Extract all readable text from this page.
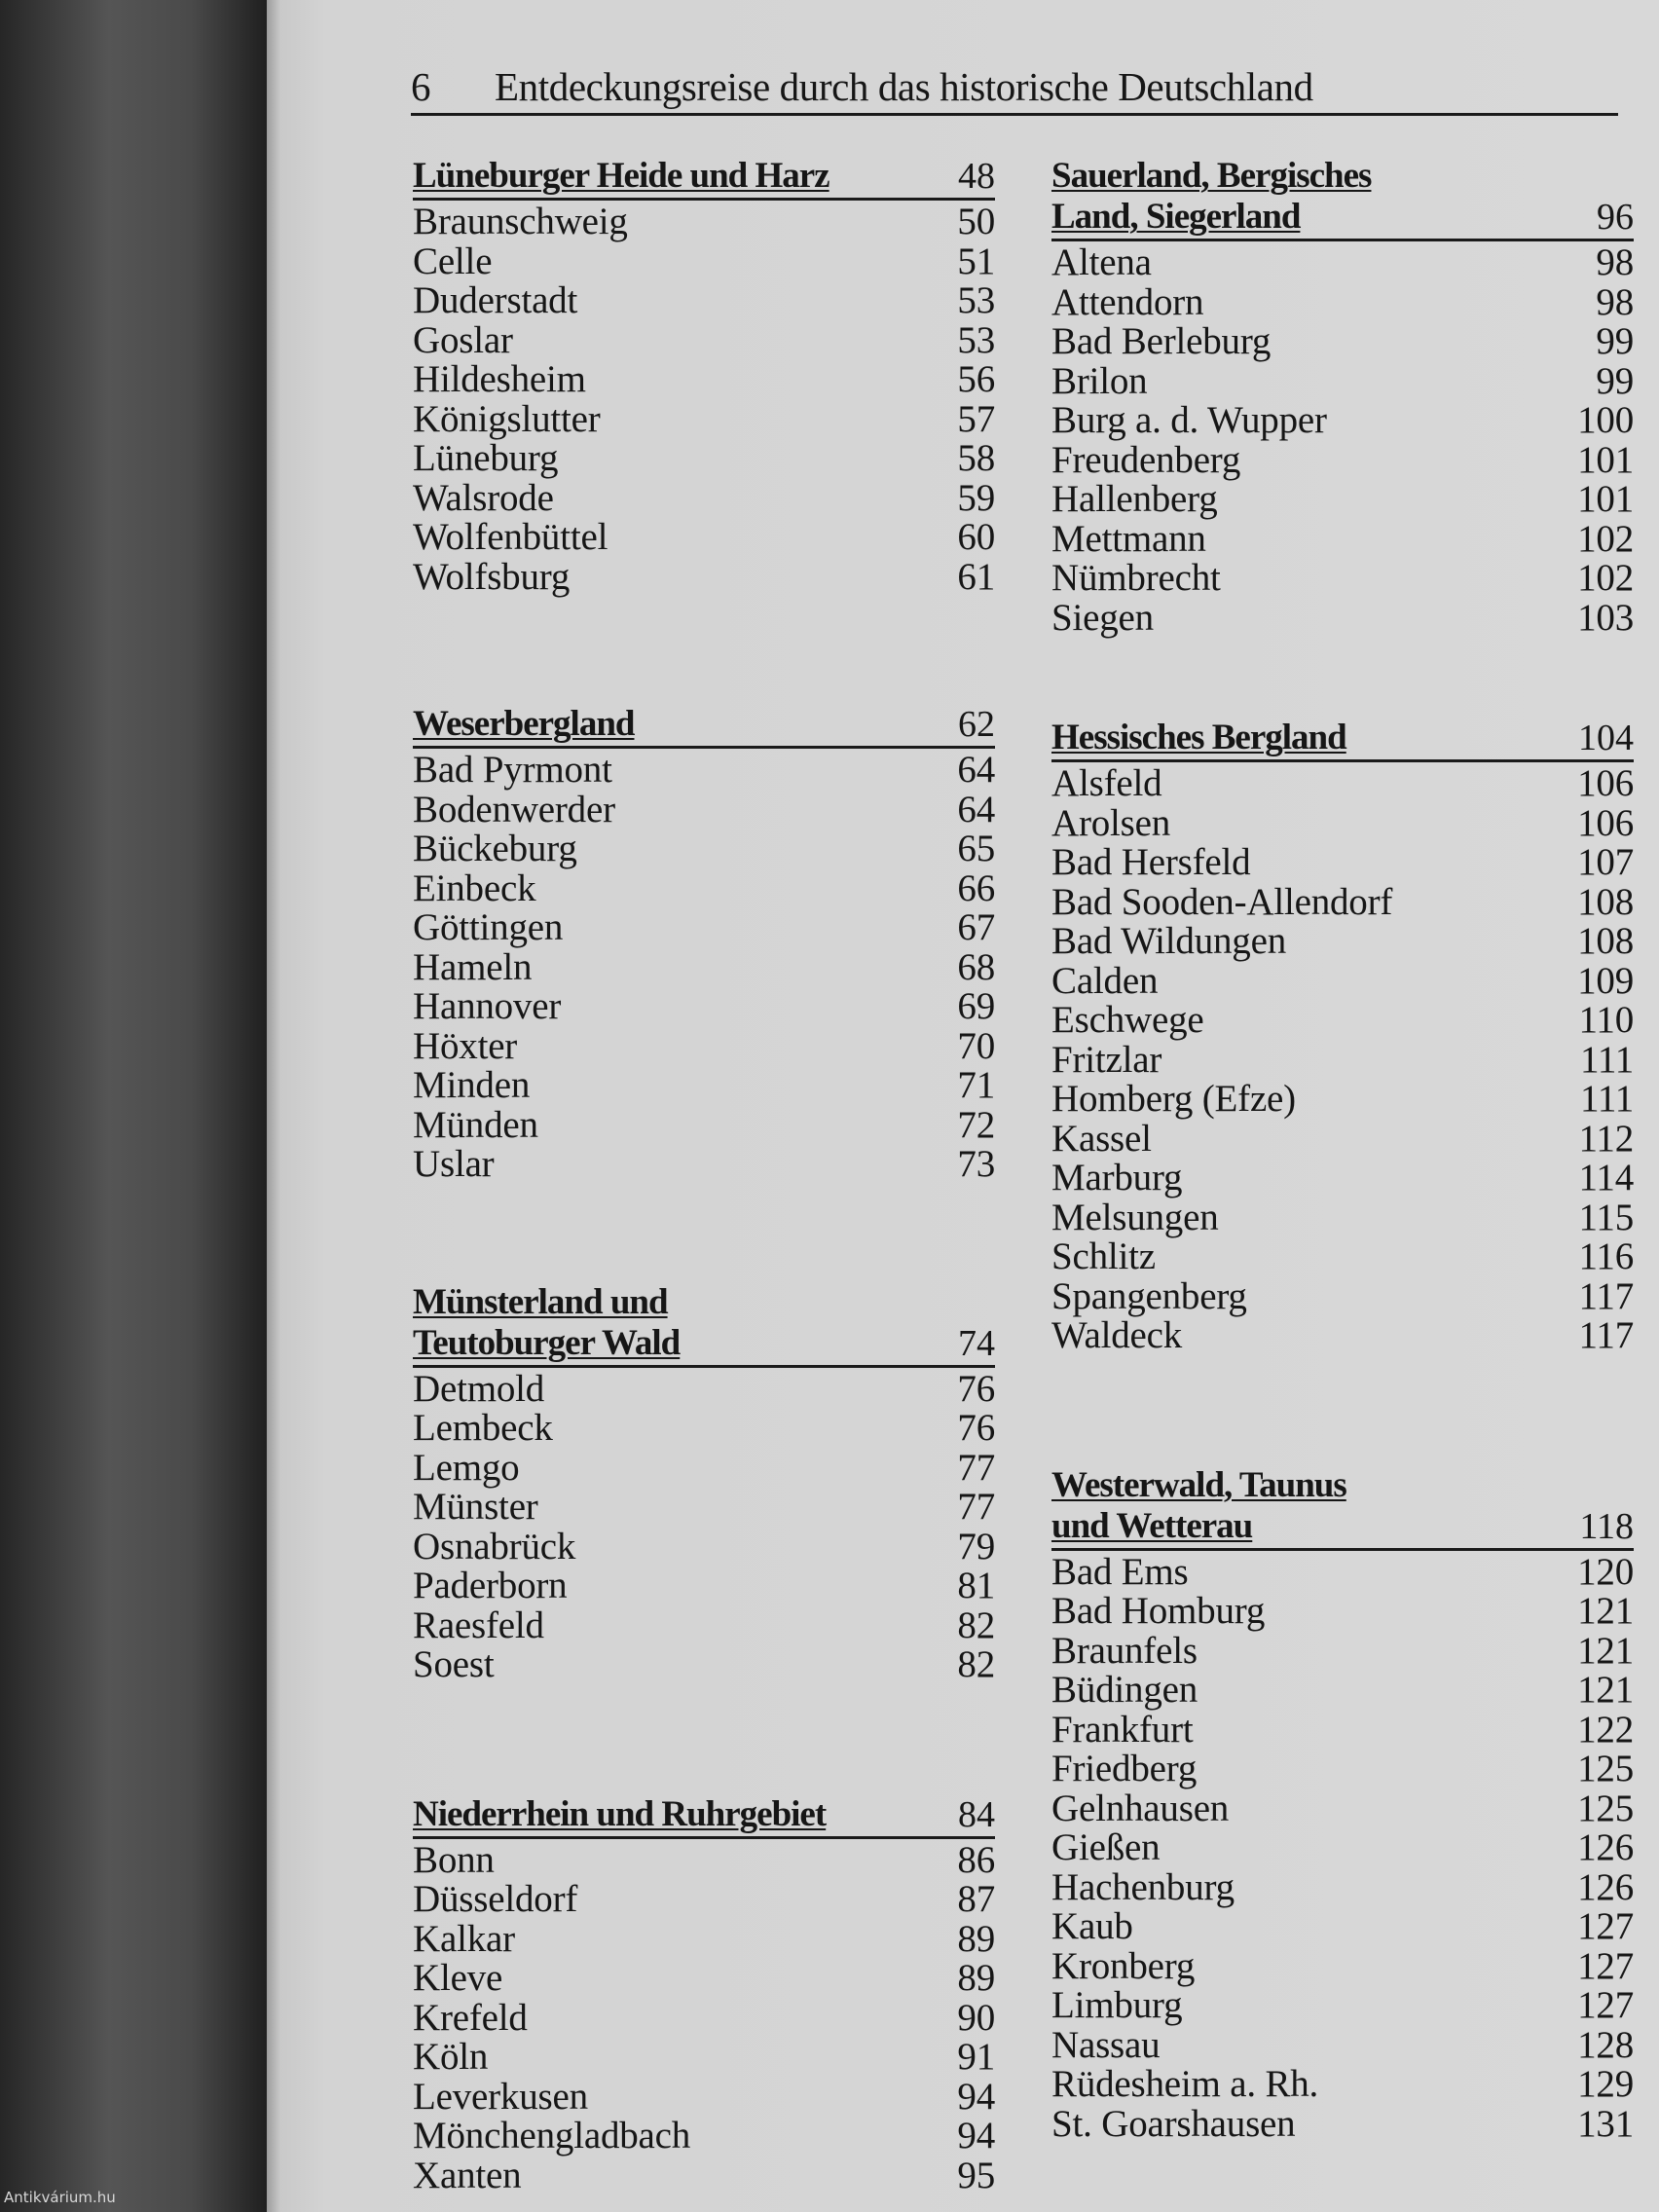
6 Entdeckungsreise durch das historische Deutschland
Lüneburger Heide und Harz	48
Braunschweig	50
Celle	51
Duderstadt	53
Goslar	53
Hildesheim	56
Königslutter	57
Lüneburg	58
Walsrode	59
Wolfenbüttel	60
Wolfsburg	61
Weserbergland	62
Bad Pyrmont	64
Bodenwerder	64
Bückeburg	65
Einbeck	66
Göttingen	67
Hameln	68
Hannover	69
Höxter	70
Minden	71
Münden	72
Uslar	73
Münsterland und
Teutoburger Wald	74
Detmold	76
Lembeck	76
Lemgo	77
Münster	77
Osnabrück	79
Paderborn	81
Raesfeld	82
Soest	82
Niederrhein und Ruhrgebiet	84
Bonn	86
Düsseldorf	87
Kalkar	89
Kleve	89
Krefeld	90
Köln	91
Leverkusen	94
Mönchengladbach	94
Xanten	95
Sauerland, Bergisches
Land, Siegerland	96
Altena	98
Attendorn	98
Bad Berleburg	99
Brilon	99
Burg a. d. Wupper	100
Freudenberg	101
Hallenberg	101
Mettmann	102
Nümbrecht	102
Siegen	103
Hessisches Bergland	104
Alsfeld	106
Arolsen	106
Bad Hersfeld	107
Bad Sooden-Allendorf	108
Bad Wildungen	108
Calden	109
Eschwege	110
Fritzlar	111
Homberg (Efze)	111
Kassel	112
Marburg	114
Melsungen	115
Schlitz	116
Spangenberg	117
Waldeck	117
Westerwald, Taunus
und Wetterau	118
Bad Ems	120
Bad Homburg	121
Braunfels	121
Büdingen	121
Frankfurt	122
Friedberg	125
Gelnhausen	125
Gießen	126
Hachenburg	126
Kaub	127
Kronberg	127
Limburg	127
Nassau	128
Rüdesheim a. Rh.	129
St. Goarshausen	131
Antikvárium.hu
